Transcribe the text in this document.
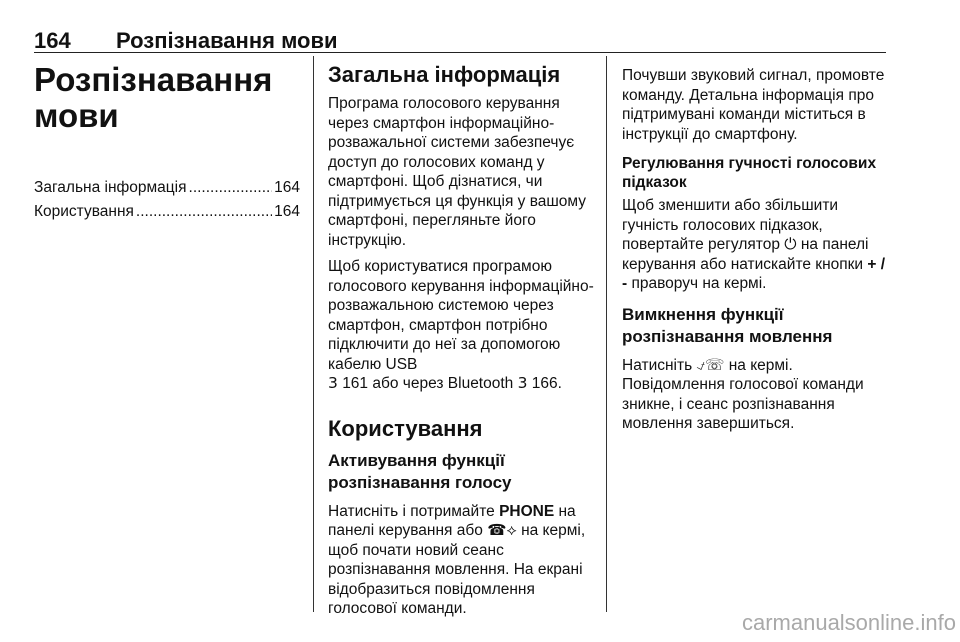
164 Розпізнавання мови
Розпізнавання
мови
Загальна інформація .....	164
Користування .....	164
Загальна інформація

Програма голосового керування через смартфон інформаційно-розважальної системи забезпечує доступ до голосових команд у смартфоні. Щоб дізнатися, чи підтримується ця функція у вашому смартфоні, перегляньте його інструкцію.

Щоб користуватися програмою голосового керування інформаційно-розважальною системою через смартфон, смартфон потрібно підключити до неї за допомогою кабелю USB
3 161 або через Bluetooth 3 166.

Користування
Активування функції
розпізнавання голосу

Натисніть і потримайте PHONE на панелі керування або ☎⟡ на кермі, щоб почати новий сеанс розпізнавання мовлення. На екрані відобразиться повідомлення голосової команди.

Почувши звуковий сигнал, промовте команду. Детальна інформація про підтримувані команди міститься в інструкції до смартфону.

Регулювання гучності голосових підказок

Щоб зменшити або збільшити гучність голосових підказок, повертайте регулятор ⏻ на панелі керування або натискайте кнопки + / - праворуч на кермі.

Вимкнення функції
розпізнавання мовлення

Натисніть ⍻☏ на кермі.

Повідомлення голосової команди зникне, і сеанс розпізнавання мовлення завершиться.

carmanualsonline.info
